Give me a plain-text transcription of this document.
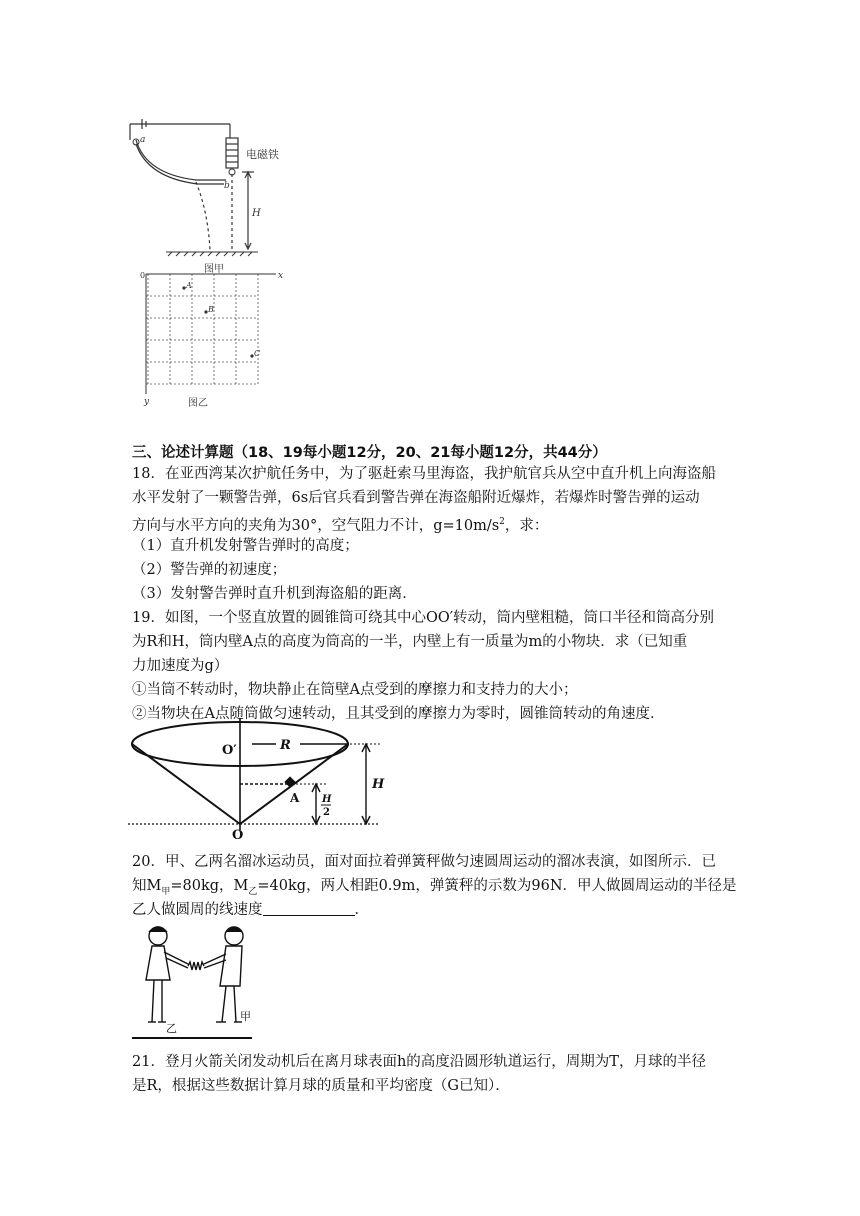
电磁铁
a
b
H
图甲
x
0
y
A
B
C
图乙
三、论述计算题（18、19每小题12分，20、21每小题12分，共44分）
18．在亚西湾某次护航任务中，为了驱赶索马里海盗，我护航官兵从空中直升机上向海盗船
水平发射了一颗警告弹，6s后官兵看到警告弹在海盗船附近爆炸，若爆炸时警告弹的运动
方向与水平方向的夹角为30°，空气阻力不计，$g=10m/s^2$，求：
（1）直升机发射警告弹时的高度；
（2）警告弹的初速度；
（3）发射警告弹时直升机到海盗船的距离．
19．如图，一个竖直放置的圆锥筒可绕其中心OO′转动，筒内壁粗糙，筒口半径和筒高分别
为R和H，筒内壁A点的高度为筒高的一半，内壁上有一质量为m的小物块．求（已知重
力加速度为g）
①当筒不转动时，物块静止在筒壁A点受到的摩擦力和支持力的大小；
②当物块在A点随筒做匀速转动，且其受到的摩擦力为零时，圆锥筒转动的角速度．
O′	R
H
A H
2
O
20．甲、乙两名溜冰运动员，面对面拉着弹簧秤做匀速圆周运动的溜冰表演，如图所示．已
知$M_甲=80kg$，$M_乙=40kg$，两人相距0.9m，弹簧秤的示数为96N．甲人做圆周运动的半径是
乙人做圆周的线速度	．
乙
甲
21．登月火箭关闭发动机后在离月球表面h的高度沿圆形轨道运行，周期为T，月球的半径
是R，根据这些数据计算月球的质量和平均密度（G已知）．
